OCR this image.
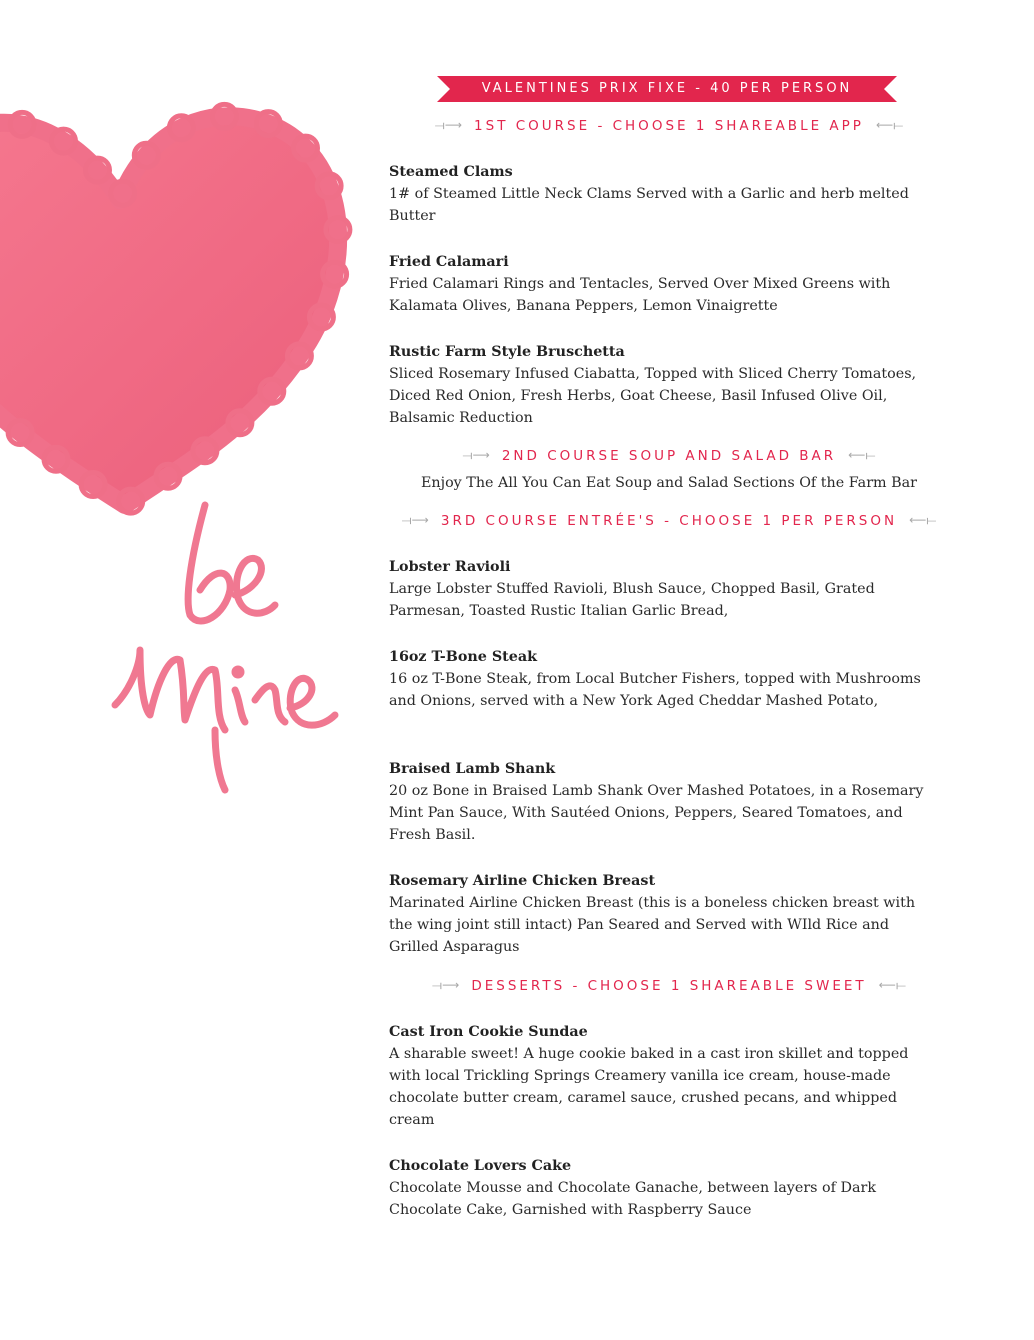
VALENTINES PRIX FIXE - 40 PER PERSON
⟞⟶ 1ST COURSE - CHOOSE 1 SHAREABLE APP ⟵⟝

Steamed Clams

1# of Steamed Little Neck Clams Served with a Garlic and herb melted Butter

Fried Calamari

Fried Calamari Rings and Tentacles, Served Over Mixed Greens with Kalamata Olives, Banana Peppers, Lemon Vinaigrette

Rustic Farm Style Bruschetta

Sliced Rosemary Infused Ciabatta, Topped with Sliced Cherry Tomatoes, Diced Red Onion, Fresh Herbs, Goat Cheese, Basil Infused Olive Oil, Balsamic Reduction

⟞⟶ 2ND COURSE SOUP AND SALAD BAR ⟵⟝
Enjoy The All You Can Eat Soup and Salad Sections Of the Farm Bar
⟞⟶ 3RD COURSE ENTRÉE'S - CHOOSE 1 PER PERSON ⟵⟝

Lobster Ravioli

Large Lobster Stuffed Ravioli, Blush Sauce, Chopped Basil, Grated Parmesan, Toasted Rustic Italian Garlic Bread,

16oz T-Bone Steak

16 oz T-Bone Steak, from Local Butcher Fishers, topped with Mushrooms and Onions, served with a New York Aged Cheddar Mashed Potato,

Braised Lamb Shank

20 oz Bone in Braised Lamb Shank Over Mashed Potatoes, in a Rosemary Mint Pan Sauce, With Sautéed Onions, Peppers, Seared Tomatoes, and Fresh Basil.

Rosemary Airline Chicken Breast

Marinated Airline Chicken Breast (this is a boneless chicken breast with the wing joint still intact) Pan Seared and Served with WIld Rice and Grilled Asparagus

⟞⟶ DESSERTS - CHOOSE 1 SHAREABLE SWEET ⟵⟝

Cast Iron Cookie Sundae

A sharable sweet! A huge cookie baked in a cast iron skillet and topped with local Trickling Springs Creamery vanilla ice cream, house-made chocolate butter cream, caramel sauce, crushed pecans, and whipped cream

Chocolate Lovers Cake

Chocolate Mousse and Chocolate Ganache, between layers of Dark Chocolate Cake, Garnished with Raspberry Sauce
